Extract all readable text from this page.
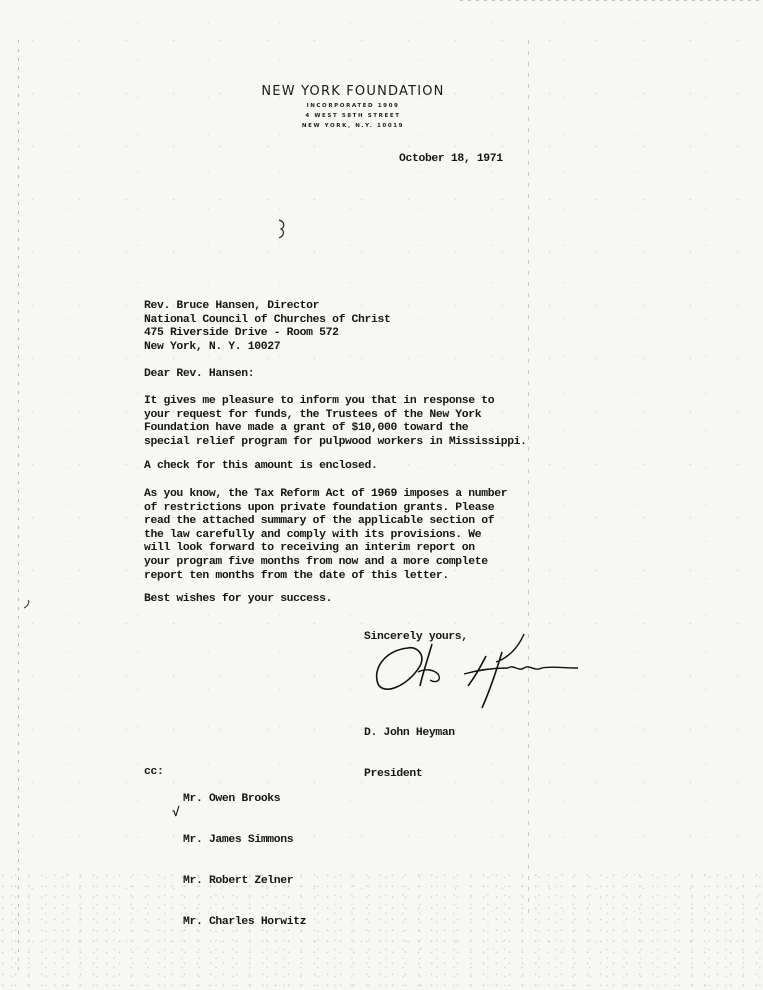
NEW YORK FOUNDATION
INCORPORATED 1909
4 WEST 58TH STREET
NEW YORK, N.Y. 10019
October 18, 1971
Rev. Bruce Hansen, Director
National Council of Churches of Christ
475 Riverside Drive - Room 572
New York, N. Y. 10027
Dear Rev. Hansen:
It gives me pleasure to inform you that in response to
your request for funds, the Trustees of the New York
Foundation have made a grant of $10,000 toward the
special relief program for pulpwood workers in Mississippi.
A check for this amount is enclosed.
As you know, the Tax Reform Act of 1969 imposes a number
of restrictions upon private foundation grants. Please
read the attached summary of the applicable section of
the law carefully and comply with its provisions. We
will look forward to receiving an interim report on
your program five months from now and a more complete
report ten months from the date of this letter.
Best wishes for your success.
Sincerely yours,

D. John Heyman

President

cc:

Mr. Owen Brooks

Mr. James Simmons

Mr. Robert Zelner

Mr. Charles Horwitz

√
